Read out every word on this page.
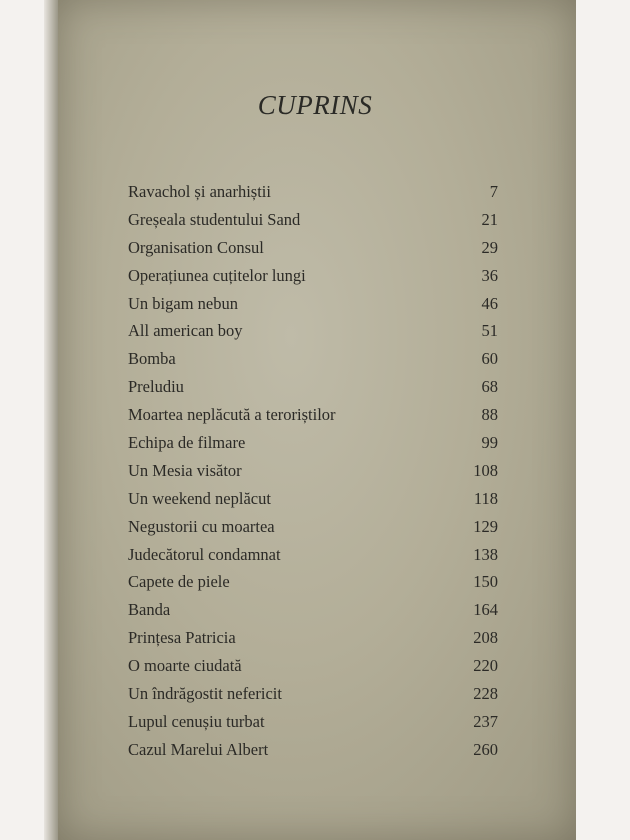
CUPRINS
Ravachol și anarhiștii	7
Greșeala studentului Sand	21
Organisation Consul	29
Operațiunea cuțitelor lungi	36
Un bigam nebun	46
All american boy	51
Bomba	60
Preludiu	68
Moartea neplăcută a teroriștilor	88
Echipa de filmare	99
Un Mesia visător	108
Un weekend neplăcut	118
Negustorii cu moartea	129
Judecătorul condamnat	138
Capete de piele	150
Banda	164
Prințesa Patricia	208
O moarte ciudată	220
Un îndrăgostit nefericit	228
Lupul cenușiu turbat	237
Cazul Marelui Albert	260
